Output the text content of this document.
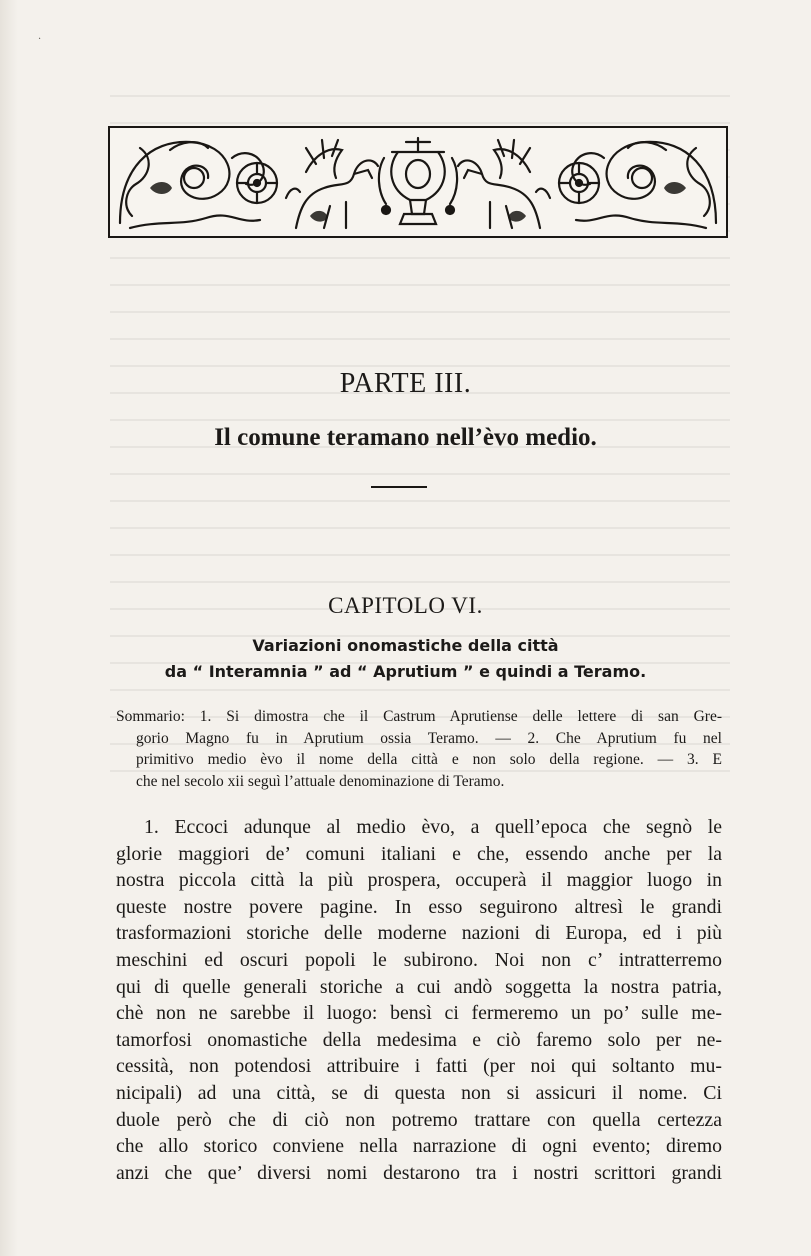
·
PARTE III.
Il comune teramano nell’èvo medio.
CAPITOLO VI.

Variazioni onomastiche della città

da “ Interamnia ” ad “ Aprutium ” e quindi a Teramo.

Sommario: 1. Si dimostra che il Castrum Aprutiense delle lettere di san Gre-
gorio Magno fu in Aprutium ossia Teramo. — 2. Che Aprutium fu nel
primitivo medio èvo il nome della città e non solo della regione. — 3. E
che nel secolo xii seguì l’attuale denominazione di Teramo.
1. Eccoci adunque al medio èvo, a quell’epoca che segnò le
glorie maggiori de’ comuni italiani e che, essendo anche per la
nostra piccola città la più prospera, occuperà il maggior luogo in
queste nostre povere pagine. In esso seguirono altresì le grandi
trasformazioni storiche delle moderne nazioni di Europa, ed i più
meschini ed oscuri popoli le subirono. Noi non c’ intratterremo
qui di quelle generali storiche a cui andò soggetta la nostra patria,
chè non ne sarebbe il luogo: bensì ci fermeremo un po’ sulle me-
tamorfosi onomastiche della medesima e ciò faremo solo per ne-
cessità, non potendosi attribuire i fatti (per noi qui soltanto mu-
nicipali) ad una città, se di questa non si assicuri il nome. Ci
duole però che di ciò non potremo trattare con quella certezza
che allo storico conviene nella narrazione di ogni evento; diremo
anzi che que’ diversi nomi destarono tra i nostri scrittori grandi
